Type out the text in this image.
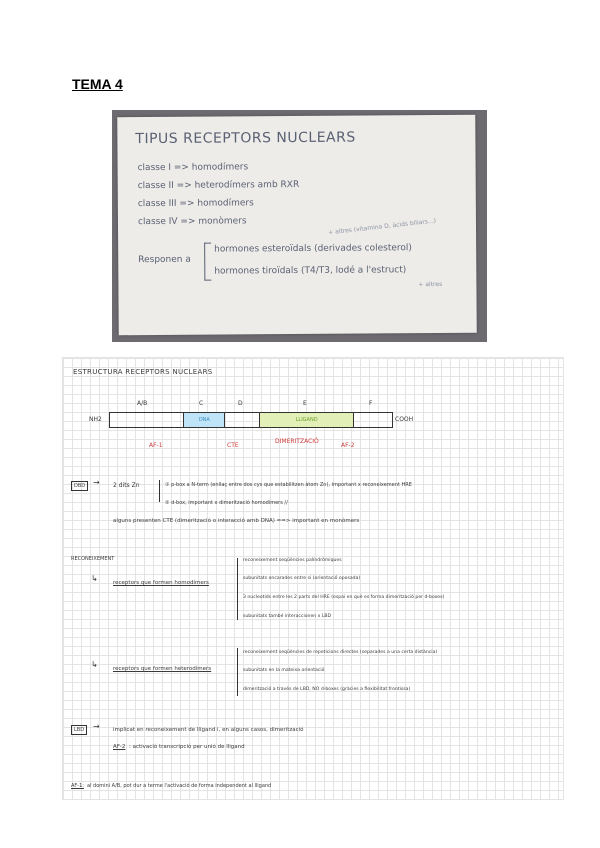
TEMA 4
TIPUS RECEPTORS NUCLEARS
classe I => homodímers
classe II => heterodímers amb RXR
classe III => homodímers
classe IV => monòmers	+ altres (vitamina D, àcids biliars...)
Responen a
hormones esteroïdals (derivades colesterol)
hormones tiroïdals (T4/T3, lodé a l'estruct)
+ altres
ESTRUCTURA RECEPTORS NUCLEARS
A/B	C	D	E	F
NH2	DNA	LLIGAND	COOH
AF-1	CTE
DIMERITZACIÓ
AF-2
DBD → 2 dits Zn	① p-box a N-term (enllaç entre dos cys que estabilitzen àtom Zn), important x reconeixement HRE
② d-box, important x dimerització homodímers //
alguns presenten CTE (dimerització o interacció amb DNA) ==> important en monòmers
RECONEIXEMENT
↳	receptors que formen homodímers
reconeixement seqüències palíndròmiques
subunitats encarades entre si (orientació oposada)
3 nucleotids entre les 2 parts del HRE (espai en què es forma dimerització per d-boxes)
subunitats també interaccionen x LBD
↳	receptors que formen heterodímers
reconeixement seqüències de repeticions directes (separades a una certa distància)
subunitats en la mateixa orientació
dimerització a través de LBD, NO d-boxes (gràcies a flexibilitat frontissa)
LBD	→ implicat en reconeixement de lligand i, en alguns casos, dimerització
AF-2 : activació transcripció per unió de lligand
AF-1: al domini A/B, pot dur a terme l'activació de forma independent al lligand
